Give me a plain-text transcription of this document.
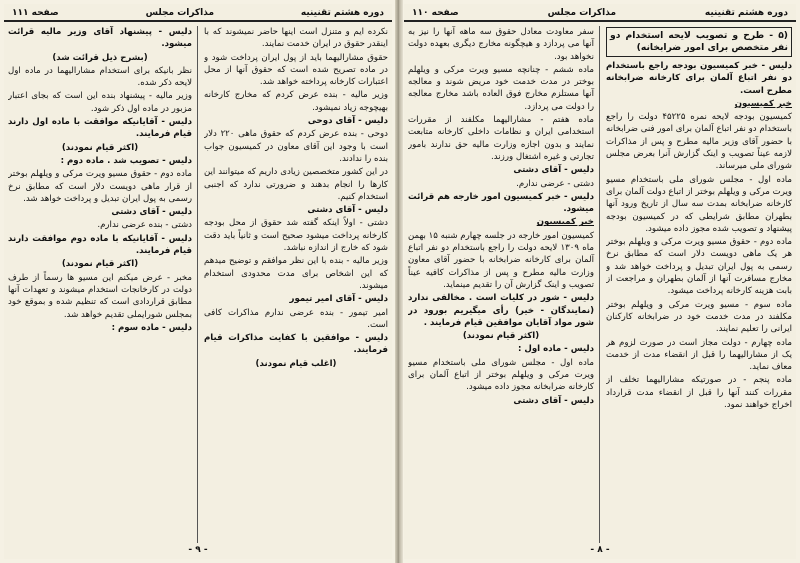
دوره هشتم تقنینیه
مذاکرات مجلس
صفحه ۱۱۱
نکرده ایم و متنزل است اینها حاضر نمیشوند که با اینقدر حقوق در ایران خدمت نمایند.
حقوق مشارالیهما باید از پول ایران پرداخت شود و در ماده تصریح شده است که حقوق آنها از محل اعتبارات کارخانه پرداخته خواهد شد.
وزیر مالیه - بنده عرض کردم که مخارج کارخانه بهیچوجه زیاد نمیشود.
دلیس - آقای دوحی
دوحی - بنده عرض کردم که حقوق ماهی ۲۲۰ دلار است با وجود این آقای معاون در کمیسیون جواب بنده را ندادند.
در این کشور متخصصین زیادی داریم که میتوانند این کارها را انجام بدهند و ضرورتی ندارد که اجنبی استخدام کنیم.
دلیس - آقای دشتی
دشتی - اولاً اینکه گفته شد حقوق از محل بودجه کارخانه پرداخت میشود صحیح است و ثانیاً باید دقت شود که خارج از اندازه نباشد.
وزیر مالیه - بنده با این نظر موافقم و توضیح میدهم که این اشخاص برای مدت محدودی استخدام میشوند.
دلیس - آقای امیر تیمور
امیر تیمور - بنده عرضی ندارم مذاکرات کافی است.
دلیس - موافقین با کفایت مذاکرات قیام فرمایند.
(اغلب قیام نمودند)
دلیس - پیشنهاد آقای وزیر مالیه قرائت میشود.
(بشرح ذیل قرائت شد)
نظر بانیکه برای استخدام مشارالیهما در ماده اول لایحه ذکر شده.
وزیر مالیه - پیشنهاد بنده این است که بجای اعتبار مزبور در ماده اول ذکر شود.
دلیس - آقایانیکه موافقت با ماده اول دارند قیام فرمایند.
(اکثر قیام نمودند)
دلیس - تصویب شد . ماده دوم :
ماده دوم - حقوق مسیو ویرت مرکی و ویلهلم بوختر از قرار ماهی دویست دلار است که مطابق نرخ رسمی به پول ایران تبدیل و پرداخت خواهد شد.
دلیس - آقای دشتی
دشتی - بنده عرضی ندارم.
دلیس - آقایانیکه با ماده دوم موافقت دارند قیام فرمایند.
(اکثر قیام نمودند)
مخبر - عرض میکنم این مسیو ها رسماً از طرف دولت در کارخانجات استخدام میشوند و تعهدات آنها مطابق قراردادی است که تنظیم شده و بموقع خود بمجلس شورایملی تقدیم خواهد شد.
دلیس - ماده سوم :
- ۹ -
دوره هشتم تقنینیه
مذاکرات مجلس
صفحه ۱۱۰
(۵ - طرح و تصویب لایحه استخدام دو نفر متخصص برای امور ضرابخانه)
دلیس - خبر کمیسیون بودجه راجع باستخدام دو نفر اتباع آلمان برای کارخانه ضرابخانه مطرح است.
خبر کمیسیون
کمیسیون بودجه لایحه نمره ۴۵۲۲۵ دولت را راجع باستخدام دو نفر اتباع آلمان برای امور فنی ضرابخانه با حضور آقای وزیر مالیه مطرح و پس از مذاکرات لازمه عیناً تصویب و اینک گزارش آنرا بعرض مجلس شورای ملی میرساند.
ماده اول - مجلس شورای ملی باستخدام مسیو ویرت مرکی و ویلهلم بوختر از اتباع دولت آلمان برای کارخانه ضرابخانه بمدت سه سال از تاریخ ورود آنها بطهران مطابق شرایطی که در کمیسیون بودجه پیشنهاد و تصویب شده مجوز داده میشود.
ماده دوم - حقوق مسیو ویرت مرکی و ویلهلم بوختر هر یک ماهی دویست دلار است که مطابق نرخ رسمی به پول ایران تبدیل و پرداخت خواهد شد و مخارج مسافرت آنها از آلمان بطهران و مراجعت از بابت هزینه کارخانه پرداخت میشود.
ماده سوم - مسیو ویرت مرکی و ویلهلم بوختر مکلفند در مدت خدمت خود در ضرابخانه کارکنان ایرانی را تعلیم نمایند.
ماده چهارم - دولت مجاز است در صورت لزوم هر یک از مشارالیهما را قبل از انقضاء مدت از خدمت معاف نماید.
ماده پنجم - در صورتیکه مشارالیهما تخلف از مقررات کنند آنها را قبل از انقضاء مدت قرارداد اخراج خواهند نمود.
سفر معاودت معادل حقوق سه ماهه آنها را نیز به آنها می پردازد و هیچگونه مخارج دیگری بعهده دولت نخواهد بود.
ماده ششم - چنانچه مسیو ویرت مرکی و ویلهلم بوختر در مدت خدمت خود مریض شوند و معالجه آنها مستلزم مخارج فوق العاده باشد مخارج معالجه را دولت می پردازد.
ماده هفتم - مشارالیهما مکلفند از مقررات استخدامی ایران و نظامات داخلی کارخانه متابعت نمایند و بدون اجازه وزارت مالیه حق ندارند بامور تجارتی و غیره اشتغال ورزند.
دلیس - آقای دشتی
دشتی - عرضی ندارم.
دلیس - خبر کمیسیون امور خارجه هم قرائت میشود.
خبر کمیسیون
کمیسیون امور خارجه در جلسه چهارم شنبه ۱۵ بهمن ماه ۱۳۰۹ لایحه دولت را راجع باستخدام دو نفر اتباع آلمان برای کارخانه ضرابخانه با حضور آقای معاون وزارت مالیه مطرح و پس از مذاکرات کافیه عیناً تصویب و اینک گزارش آن را تقدیم مینماید.
دلیس - شور در کلیات است . مخالفی ندارد (نمایندگان - خیر) رأی میگیریم بورود در شور مواد آقایان موافقین قیام فرمایند .
(اکثر قیام نمودند)
دلیس - ماده اول :
ماده اول - مجلس شورای ملی باستخدام مسیو ویرت مرکی و ویلهلم بوختر از اتباع آلمان برای کارخانه ضرابخانه مجوز داده میشود.
دلیس - آقای دشتی
- ۸ -
